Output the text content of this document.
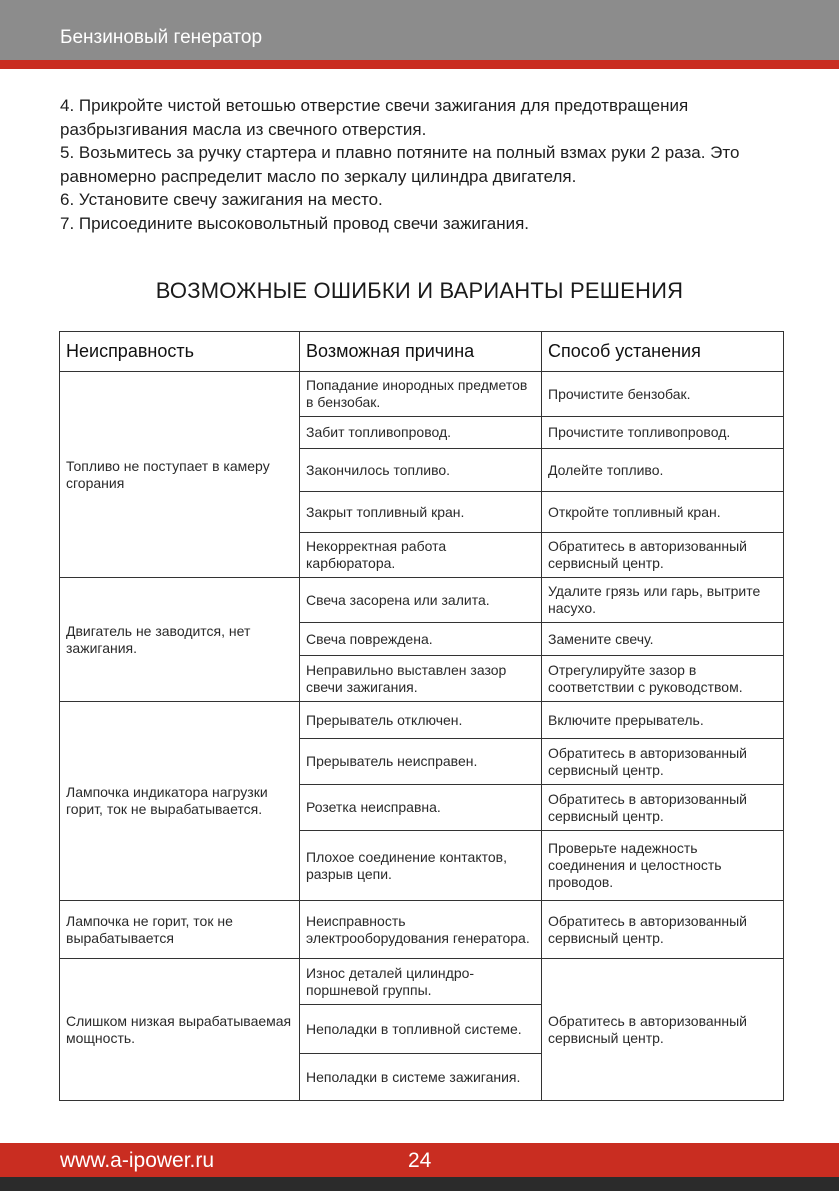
Бензиновый генератор

4. Прикройте чистой ветошью отверстие свечи зажигания для предотвращения разбрызгивания масла из свечного отверстия.

5. Возьмитесь за ручку стартера и плавно потяните на полный взмах руки 2 раза. Это равномерно распределит масло по зеркалу цилиндра двигателя.

6. Установите свечу зажигания на место.

7. Присоедините высоковольтный провод свечи зажигания.

ВОЗМОЖНЫЕ ОШИБКИ И ВАРИАНТЫ РЕШЕНИЯ
Неисправность	Возможная причина	Способ устанения
Топливо не поступает в камеру сгорания	Попадание инородных предметов в бензобак.	Прочистите бензобак.
	Забит топливопровод.	Прочистите топливопровод.
	Закончилось топливо.	Долейте топливо.
	Закрыт топливный кран.	Откройте топливный кран.
	Некорректная работа карбюратора.	Обратитесь в авторизованный сервисный центр.
Двигатель не заводится, нет зажигания.	Свеча засорена или залита.	Удалите грязь или гарь, вытрите насухо.
	Свеча повреждена.	Замените свечу.
	Неправильно выставлен зазор свечи зажигания.	Отрегулируйте зазор в соответствии с руководством.
Лампочка индикатора нагрузки горит, ток не вырабатывается.	Прерыватель отключен.	Включите прерыватель.
	Прерыватель неисправен.	Обратитесь в авторизованный сервисный центр.
	Розетка неисправна.	Обратитесь в авторизованный сервисный центр.
	Плохое соединение контактов, разрыв цепи.	Проверьте надежность соединения и целостность проводов.
Лампочка не горит, ток не вырабатывается	Неисправность электрооборудования генератора.	Обратитесь в авторизованный сервисный центр.
Слишком низкая вырабатываемая мощность.	Износ деталей цилиндро-поршневой группы.	Обратитесь в авторизованный сервисный центр.
	Неполадки в топливной системе.	
	Неполадки в системе зажигания.	
www.a-ipower.ru	24
